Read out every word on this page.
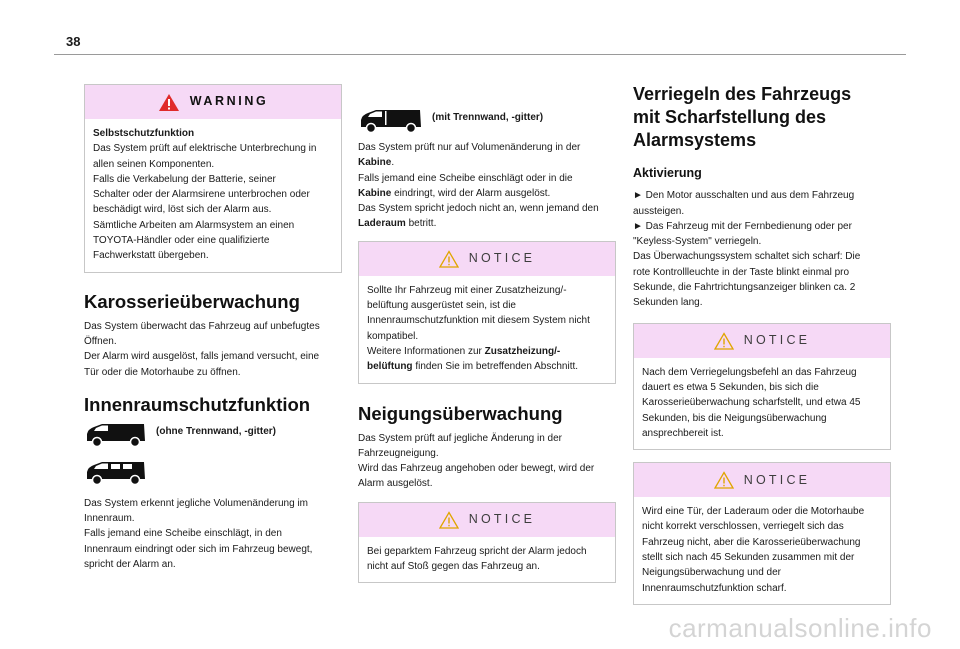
38
WARNING
Selbstschutzfunktion
Das System prüft auf elektrische Unterbrechung in
allen seinen Komponenten.
Falls die Verkabelung der Batterie, seiner
Schalter oder der Alarmsirene unterbrochen oder
beschädigt wird, löst sich der Alarm aus.
Sämtliche Arbeiten am Alarmsystem an einen
TOYOTA-Händler oder eine qualifizierte
Fachwerkstatt übergeben.
Karosserieüberwachung
Das System überwacht das Fahrzeug auf unbefugtes
Öffnen.
Der Alarm wird ausgelöst, falls jemand versucht, eine
Tür oder die Motorhaube zu öffnen.
Innenraumschutzfunktion
(ohne Trennwand, -gitter)
Das System erkennt jegliche Volumenänderung im
Innenraum.
Falls jemand eine Scheibe einschlägt, in den
Innenraum eindringt oder sich im Fahrzeug bewegt,
spricht der Alarm an.
(mit Trennwand, -gitter)
Das System prüft nur auf Volumenänderung in der
Kabine.
Falls jemand eine Scheibe einschlägt oder in die
Kabine eindringt, wird der Alarm ausgelöst.
Das System spricht jedoch nicht an, wenn jemand den
Laderaum betritt.
NOTICE
Sollte Ihr Fahrzeug mit einer Zusatzheizung/-
belüftung ausgerüstet sein, ist die
Innenraumschutzfunktion mit diesem System nicht
kompatibel.
Weitere Informationen zur Zusatzheizung/-
belüftung finden Sie im betreffenden Abschnitt.
Neigungsüberwachung
Das System prüft auf jegliche Änderung in der
Fahrzeugneigung.
Wird das Fahrzeug angehoben oder bewegt, wird der
Alarm ausgelöst.
NOTICE
Bei geparktem Fahrzeug spricht der Alarm jedoch
nicht auf Stoß gegen das Fahrzeug an.
Verriegeln des Fahrzeugs
mit Scharfstellung des
Alarmsystems
Aktivierung
► Den Motor ausschalten und aus dem Fahrzeug
aussteigen.
► Das Fahrzeug mit der Fernbedienung oder per
"Keyless-System" verriegeln.
Das Überwachungssystem schaltet sich scharf: Die
rote Kontrollleuchte in der Taste blinkt einmal pro
Sekunde, die Fahrtrichtungsanzeiger blinken ca. 2
Sekunden lang.
NOTICE
Nach dem Verriegelungsbefehl an das Fahrzeug
dauert es etwa 5 Sekunden, bis sich die
Karosserieüberwachung scharfstellt, und etwa 45
Sekunden, bis die Neigungsüberwachung
ansprechbereit ist.
NOTICE
Wird eine Tür, der Laderaum oder die Motorhaube
nicht korrekt verschlossen, verriegelt sich das
Fahrzeug nicht, aber die Karosserieüberwachung
stellt sich nach 45 Sekunden zusammen mit der
Neigungsüberwachung und der
Innenraumschutzfunktion scharf.
carmanualsonline.info
